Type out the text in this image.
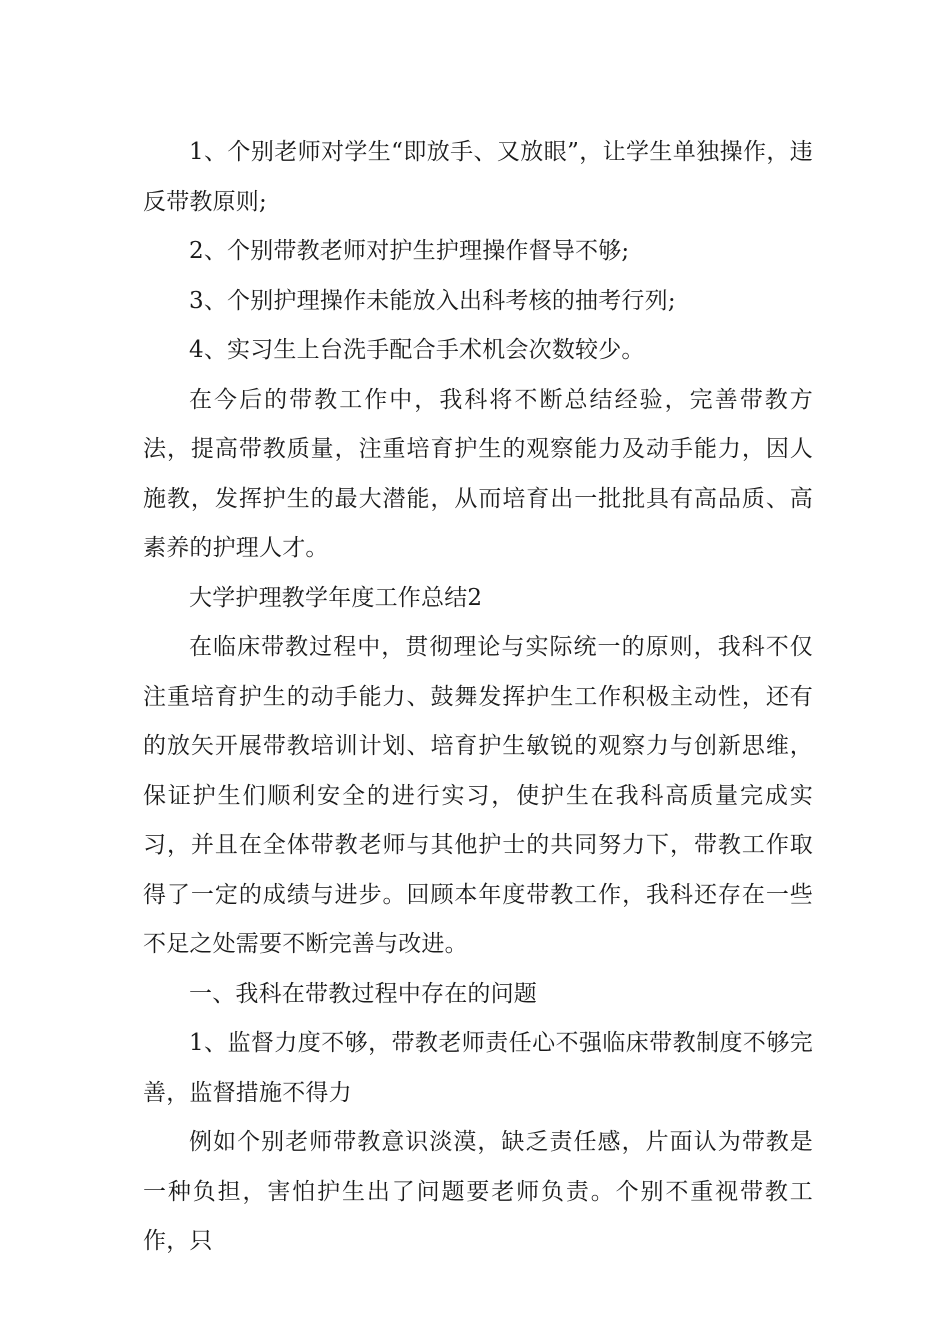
1、个别老师对学生“即放手、又放眼”，让学生单独操作，违反带教原则;

2、个别带教老师对护生护理操作督导不够;

3、个别护理操作未能放入出科考核的抽考行列;

4、实习生上台洗手配合手术机会次数较少。

在今后的带教工作中，我科将不断总结经验，完善带教方法，提高带教质量，注重培育护生的观察能力及动手能力，因人施教，发挥护生的最大潜能，从而培育出一批批具有高品质、高素养的护理人才。

大学护理教学年度工作总结2

在临床带教过程中，贯彻理论与实际统一的原则，我科不仅注重培育护生的动手能力、鼓舞发挥护生工作积极主动性，还有的放矢开展带教培训计划、培育护生敏锐的观察力与创新思维，保证护生们顺利安全的进行实习，使护生在我科高质量完成实习，并且在全体带教老师与其他护士的共同努力下，带教工作取得了一定的成绩与进步。回顾本年度带教工作，我科还存在一些不足之处需要不断完善与改进。

一、我科在带教过程中存在的问题

1、监督力度不够，带教老师责任心不强临床带教制度不够完善，监督措施不得力

例如个别老师带教意识淡漠，缺乏责任感，片面认为带教是一种负担，害怕护生出了问题要老师负责。个别不重视带教工作，只
